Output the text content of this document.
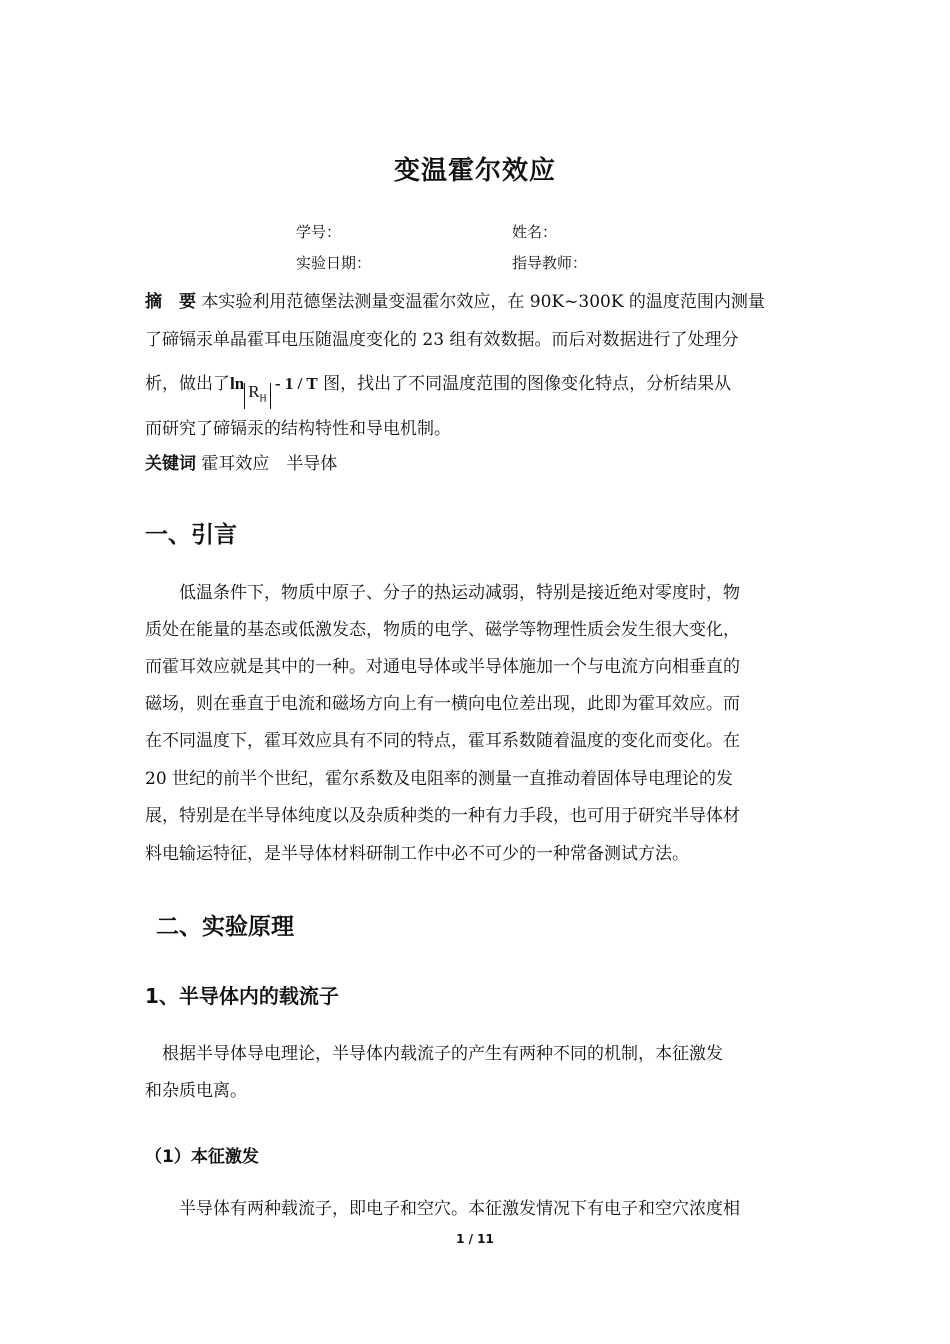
变温霍尔效应
学号：	姓名：
实验日期：	指导教师：
摘　要 本实验利用范德堡法测量变温霍尔效应，在 90K~300K 的温度范围内测量
了碲镉汞单晶霍耳电压随温度变化的 23 组有效数据。而后对数据进行了处理分
析，做出了$\ln R_H - 1$ / T 图，找出了不同温度范围的图像变化特点，分析结果从
而研究了碲镉汞的结构特性和导电机制。
关键词 霍耳效应　半导体
一、引言
　　低温条件下，物质中原子、分子的热运动减弱，特别是接近绝对零度时，物
质处在能量的基态或低激发态，物质的电学、磁学等物理性质会发生很大变化，
而霍耳效应就是其中的一种。对通电导体或半导体施加一个与电流方向相垂直的
磁场，则在垂直于电流和磁场方向上有一横向电位差出现，此即为霍耳效应。而
在不同温度下，霍耳效应具有不同的特点，霍耳系数随着温度的变化而变化。在
20 世纪的前半个世纪，霍尔系数及电阻率的测量一直推动着固体导电理论的发
展，特别是在半导体纯度以及杂质种类的一种有力手段，也可用于研究半导体材
料电输运特征，是半导体材料研制工作中必不可少的一种常备测试方法。
二、实验原理
1、半导体内的载流子
　根据半导体导电理论，半导体内载流子的产生有两种不同的机制，本征激发
和杂质电离。
（1）本征激发
　　半导体有两种载流子，即电子和空穴。本征激发情况下有电子和空穴浓度相
1 / 11
